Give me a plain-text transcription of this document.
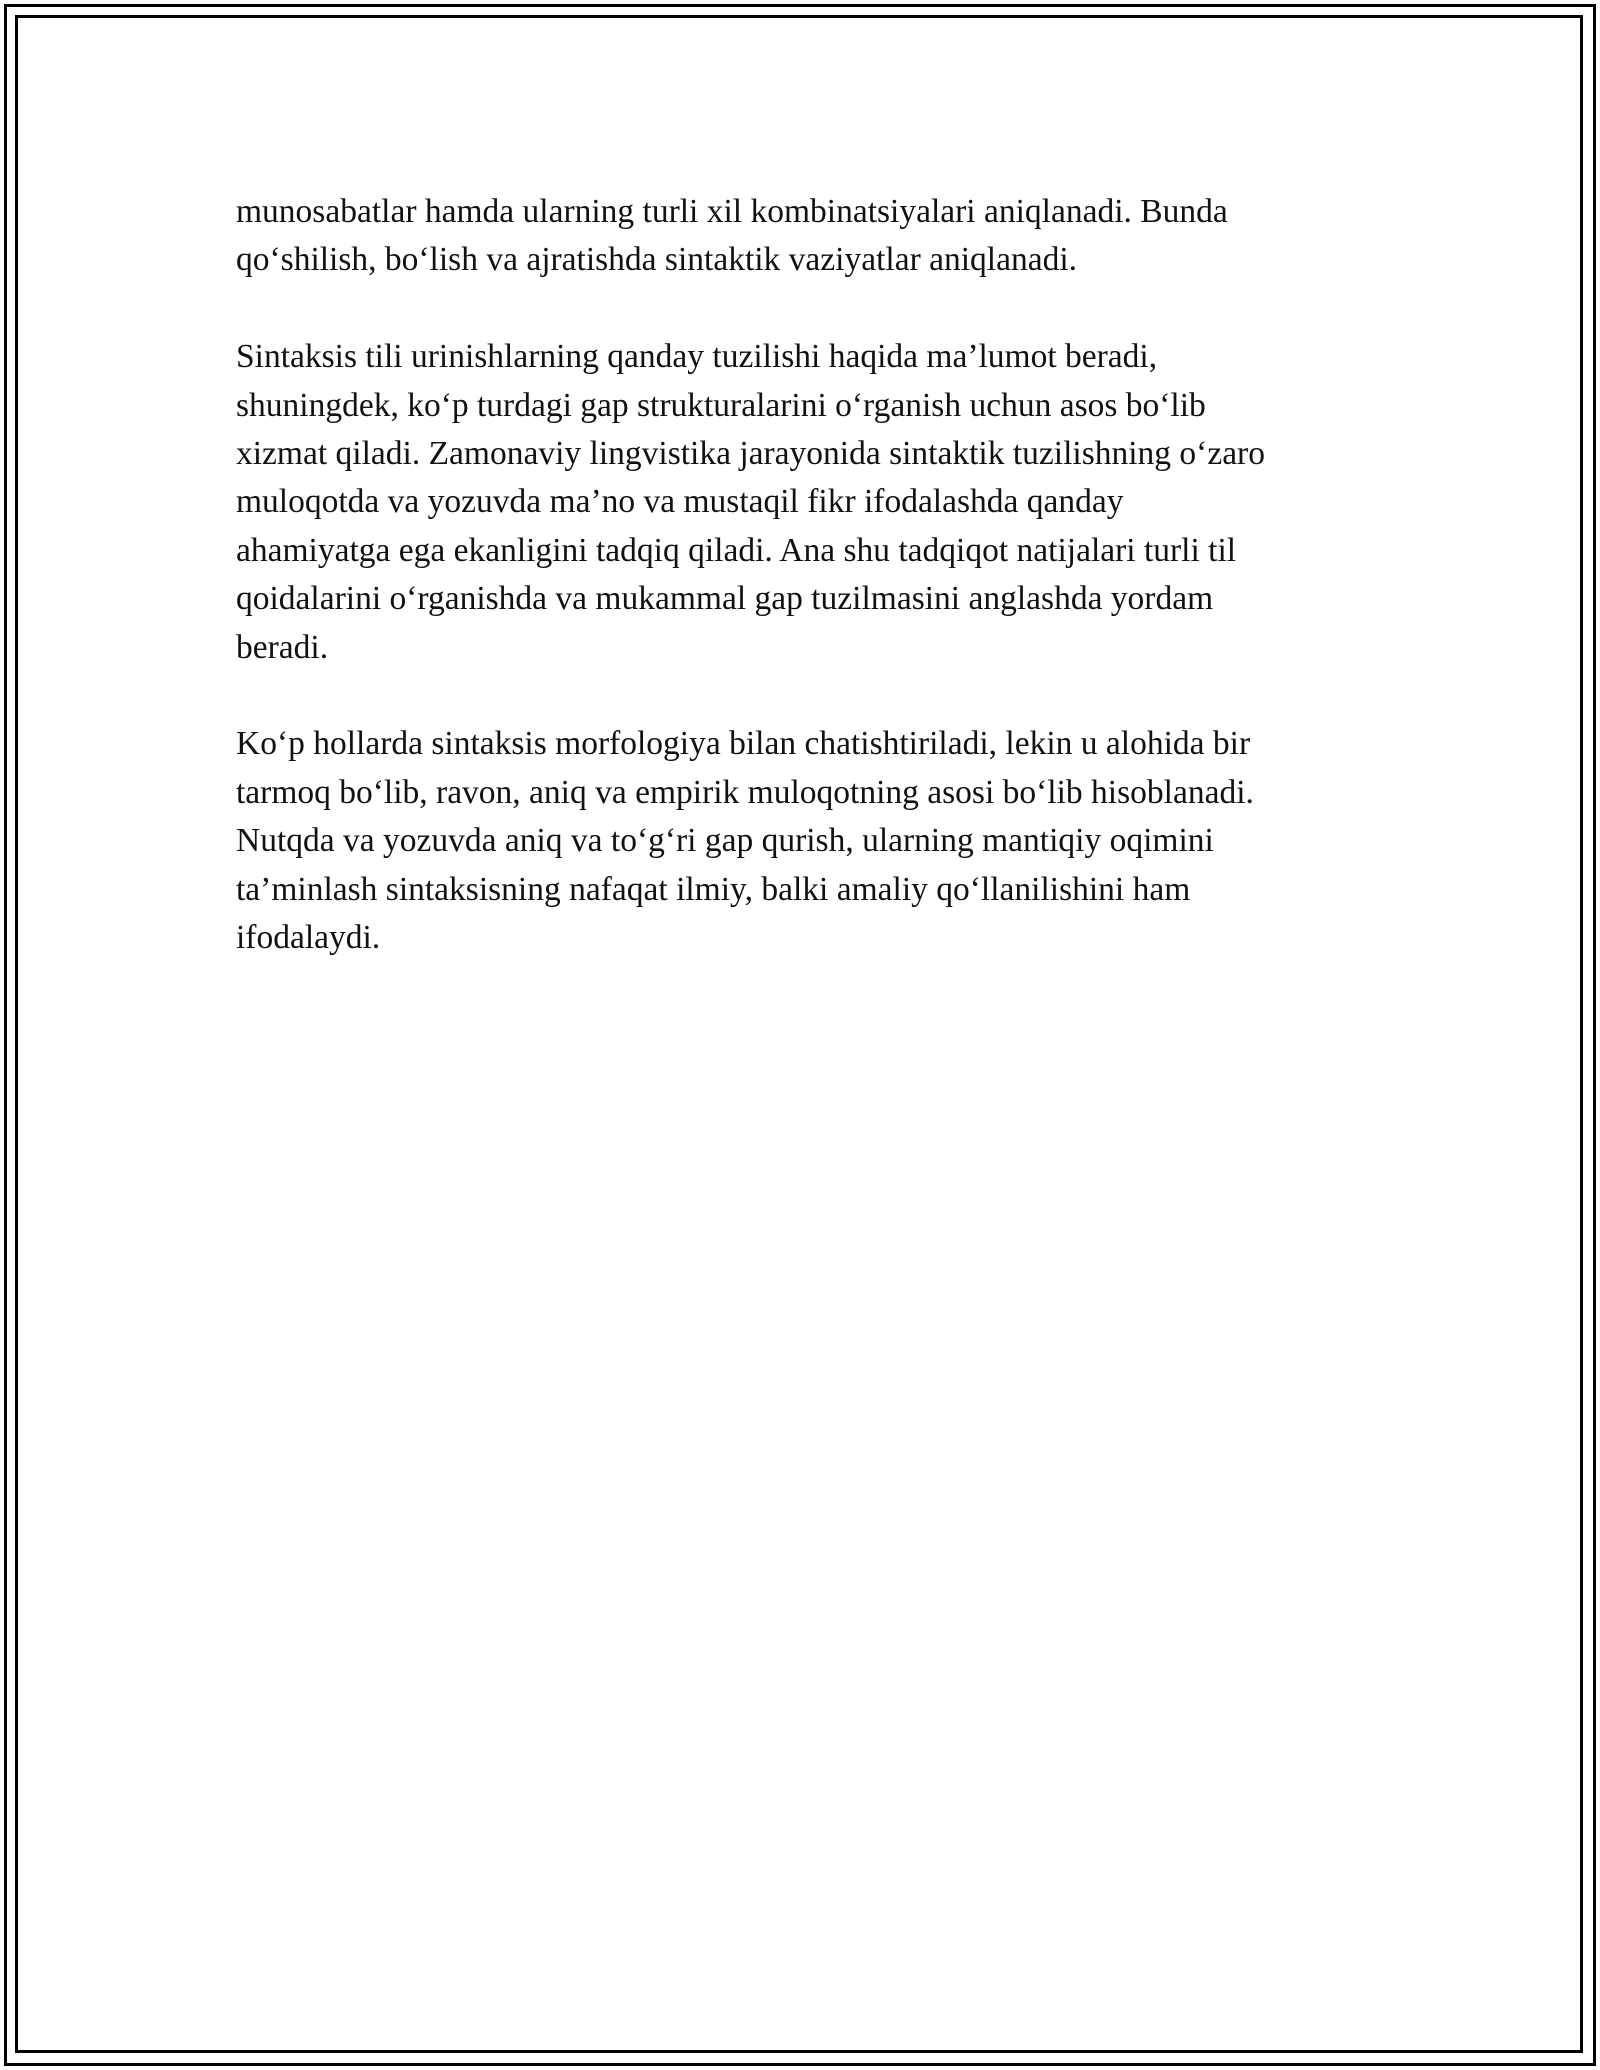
munosabatlar hamda ularning turli xil kombinatsiyalari aniqlanadi. Bunda
qo‘shilish, bo‘lish va ajratishda sintaktik vaziyatlar aniqlanadi.

Sintaksis tili urinishlarning qanday tuzilishi haqida ma’lumot beradi,
shuningdek, ko‘p turdagi gap strukturalarini o‘rganish uchun asos bo‘lib
xizmat qiladi. Zamonaviy lingvistika jarayonida sintaktik tuzilishning o‘zaro
muloqotda va yozuvda ma’no va mustaqil fikr ifodalashda qanday
ahamiyatga ega ekanligini tadqiq qiladi. Ana shu tadqiqot natijalari turli til
qoidalarini o‘rganishda va mukammal gap tuzilmasini anglashda yordam
beradi.

Ko‘p hollarda sintaksis morfologiya bilan chatishtiriladi, lekin u alohida bir
tarmoq bo‘lib, ravon, aniq va empirik muloqotning asosi bo‘lib hisoblanadi.
Nutqda va yozuvda aniq va to‘g‘ri gap qurish, ularning mantiqiy oqimini
ta’minlash sintaksisning nafaqat ilmiy, balki amaliy qo‘llanilishini ham
ifodalaydi.
